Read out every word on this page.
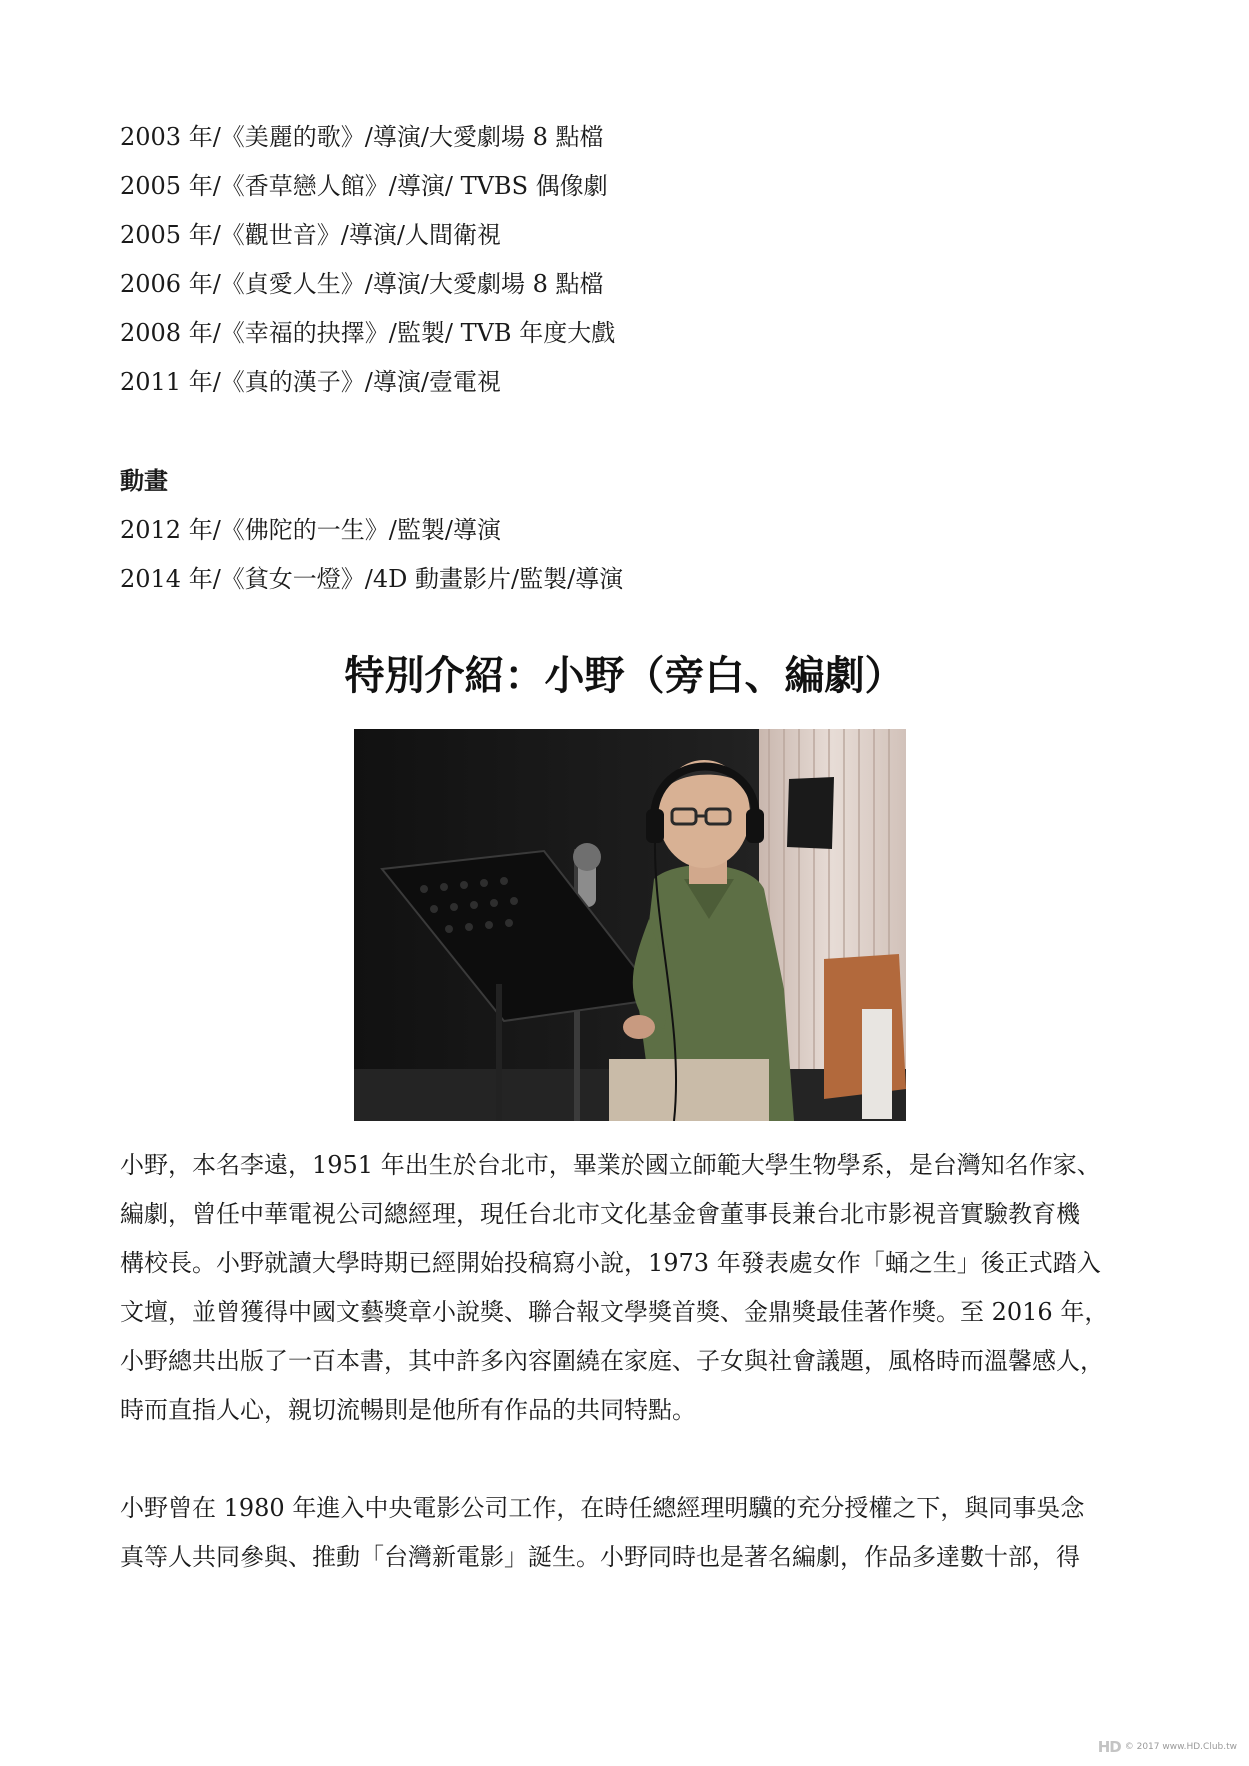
2003 年/《美麗的歌》/導演/大愛劇場 8 點檔
2005 年/《香草戀人館》/導演/ TVBS 偶像劇
2005 年/《觀世音》/導演/人間衛視
2006 年/《貞愛人生》/導演/大愛劇場 8 點檔
2008 年/《幸福的抉擇》/監製/ TVB 年度大戲
2011 年/《真的漢子》/導演/壹電視
動畫
2012 年/《佛陀的一生》/監製/導演
2014 年/《貧女一燈》/4D 動畫影片/監製/導演
特別介紹：小野（旁白、編劇）
小野，本名李遠，1951 年出生於台北市，畢業於國立師範大學生物學系，是台灣知名作家、
編劇，曾任中華電視公司總經理，現任台北市文化基金會董事長兼台北市影視音實驗教育機
構校長。小野就讀大學時期已經開始投稿寫小說，1973 年發表處女作「蛹之生」後正式踏入
文壇，並曾獲得中國文藝獎章小說獎、聯合報文學獎首獎、金鼎獎最佳著作獎。至 2016 年，
小野總共出版了一百本書，其中許多內容圍繞在家庭、子女與社會議題，風格時而溫馨感人，
時而直指人心，親切流暢則是他所有作品的共同特點。
小野曾在 1980 年進入中央電影公司工作，在時任總經理明驥的充分授權之下，與同事吳念
真等人共同參與、推動「台灣新電影」誕生。小野同時也是著名編劇，作品多達數十部，得
HD © 2017 www.HD.Club.tw
